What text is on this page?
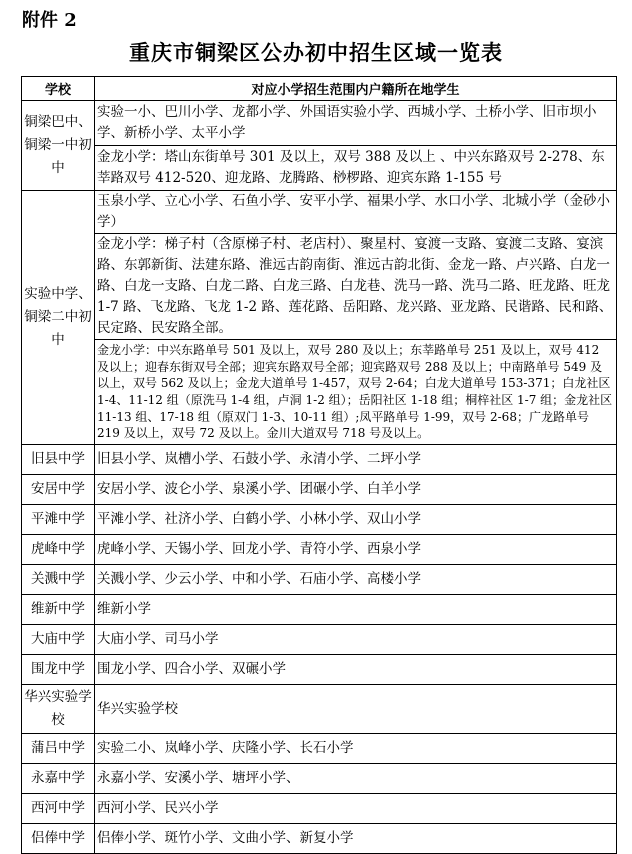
附件 2
重庆市铜梁区公办初中招生区域一览表
学校	对应小学招生范围内户籍所在地学生
铜梁巴中、铜梁一中初中	实验一小、巴川小学、龙都小学、外国语实验小学、西城小学、土桥小学、旧市坝小学、新桥小学、太平小学
	金龙小学：塔山东街单号 301 及以上，双号 388 及以上 、中兴东路双号 2-278、东莘路双号 412-520、迎龙路、龙腾路、桫椤路、迎宾东路 1-155 号
实验中学、铜梁二中初中	玉泉小学、立心小学、石鱼小学、安平小学、福果小学、水口小学、北城小学（金砂小学）
	金龙小学：梯子村（含原梯子村、老店村）、聚星村、宴渡一支路、宴渡二支路、宴滨路、东郭新街、法建东路、淮远古韵南街、淮远古韵北街、金龙一路、卢兴路、白龙一路、白龙一支路、白龙二路、白龙三路、白龙巷、洗马一路、洗马二路、旺龙路、旺龙 1-7 路、飞龙路、飞龙 1-2 路、莲花路、岳阳路、龙兴路、亚龙路、民谐路、民和路、民定路、民安路全部。
	金龙小学：中兴东路单号 501 及以上，双号 280 及以上；东莘路单号 251 及以上，双号 412 及以上；迎春东街双号全部；迎宾东路双号全部；迎宾路双号 288 及以上；中南路单号 549 及以上，双号 562 及以上；金龙大道单号 1-457，双号 2-64；白龙大道单号 153-371；白龙社区 1-4、11-12 组（原洗马 1-4 组，卢洞 1-2 组）；岳阳社区 1-18 组；桐梓社区 1-7 组；金龙社区 11-13 组、17-18 组（原双门 1-3、10-11 组）;凤平路单号 1-99，双号 2-68；广龙路单号 219 及以上，双号 72 及以上。金川大道双号 718 号及以上。
旧县中学	旧县小学、岚槽小学、石鼓小学、永清小学、二坪小学
安居中学	安居小学、波仑小学、泉溪小学、团碾小学、白羊小学
平滩中学	平滩小学、社济小学、白鹤小学、小林小学、双山小学
虎峰中学	虎峰小学、天锡小学、回龙小学、青符小学、西泉小学
关溅中学	关溅小学、少云小学、中和小学、石庙小学、高楼小学
维新中学	维新小学
大庙中学	大庙小学、司马小学
围龙中学	围龙小学、四合小学、双碾小学
华兴实验学校	华兴实验学校
蒲吕中学	实验二小、岚峰小学、庆隆小学、长石小学
永嘉中学	永嘉小学、安溪小学、塘坪小学、
西河中学	西河小学、民兴小学
侣俸中学	侣俸小学、斑竹小学、文曲小学、新复小学
